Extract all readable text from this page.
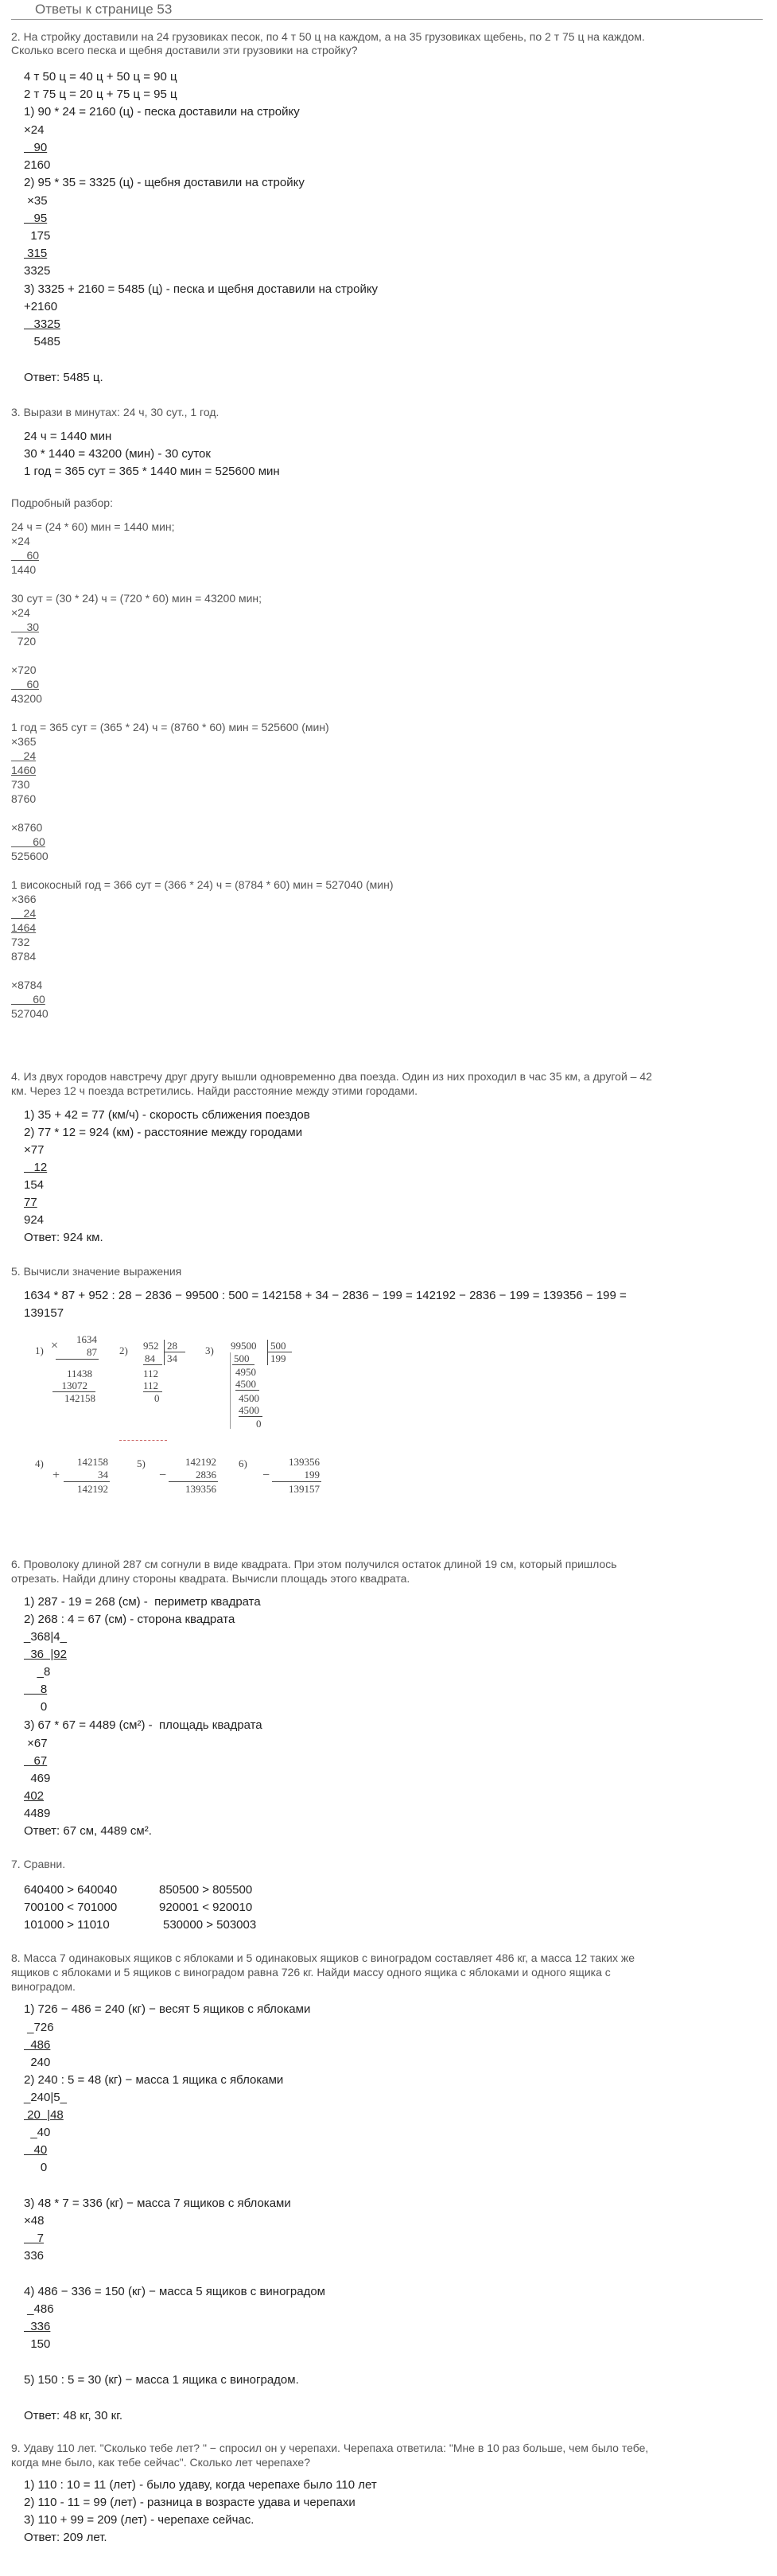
Ответы к странице 53
2. На стройку доставили на 24 грузовиках песок, по 4 т 50 ц на каждом, а на 35 грузовиках щебень, по 2 т 75 ц на каждом.
Сколько всего песка и щебня доставили эти грузовики на стройку?
4 т 50 ц = 40 ц + 50 ц = 90 ц
2 т 75 ц = 20 ц + 75 ц = 95 ц
1) 90 * 24 = 2160 (ц) - песка доставили на стройку
×24
90
2160
2) 95 * 35 = 3325 (ц) - щебня доставили на стройку
×35
95
175
315
3325
3) 3325 + 2160 = 5485 (ц) - песка и щебня доставили на стройку
+2160
3325
5485
Ответ: 5485 ц.
3. Вырази в минутах: 24 ч, 30 сут., 1 год.
24 ч = 1440 мин
30 * 1440 = 43200 (мин) - 30 суток
1 год = 365 сут = 365 * 1440 мин = 525600 мин
Подробный разбор:
24 ч = (24 * 60) мин = 1440 мин;
×24
60
1440
30 сут = (30 * 24) ч = (720 * 60) мин = 43200 мин;
×24
30
720
×720
60
43200
1 год = 365 сут = (365 * 24) ч = (8760 * 60) мин = 525600 (мин)
×365
24
1460
730
8760
×8760
60
525600
1 високосный год = 366 сут = (366 * 24) ч = (8784 * 60) мин = 527040 (мин)
×366
24
1464
732
8784
×8784
60
527040
4. Из двух городов навстречу друг другу вышли одновременно два поезда. Один из них проходил в час 35 км, а другой – 42
км. Через 12 ч поезда встретились. Найди расстояние между этими городами.
1) 35 + 42 = 77 (км/ч) - скорость сближения поездов
2) 77 * 12 = 924 (км) - расстояние между городами
×77
12
154
77
924
Ответ: 924 км.
5. Вычисли значение выражения
1634 * 87 + 952 : 28 − 2836 − 99500 : 500 = 142158 + 34 − 2836 − 199 = 142192 − 2836 − 199 = 139356 − 199 =
139157
1) ×	1634
87
11438
13072
142158
2) 952 28
84 34
112
112
0
3) 99500 500
500 199
4950
4500
4500
4500
0
4)
+
142158
34
142192
5)
−
142192
2836
139356
6)
−
139356
199
139157
6. Проволоку длиной 287 см согнули в виде квадрата. При этом получился остаток длиной 19 см, который пришлось
отрезать. Найди длину стороны квадрата. Вычисли площадь этого квадрата.
1) 287 - 19 = 268 (см) -  периметр квадрата
2) 268 : 4 = 67 (см) - сторона квадрата
_368|4_
36  |92
_8
8
0
3) 67 * 67 = 4489 (см²) -  площадь квадрата
×67
67
469
402
4489
Ответ: 67 см, 4489 см².
7. Сравни.
640400 > 640040	850500 > 805500
700100 < 701000	920001 < 920010
101000 > 11010	530000 > 503003
8. Масса 7 одинаковых ящиков с яблоками и 5 одинаковых ящиков с виноградом составляет 486 кг, а масса 12 таких же
ящиков с яблоками и 5 ящиков с виноградом равна 726 кг. Найди массу одного ящика с яблоками и одного ящика с
виноградом.
1) 726 − 486 = 240 (кг) − весят 5 ящиков с яблоками
_726
486
240
2) 240 : 5 = 48 (кг) − масса 1 ящика с яблоками
_240|5_
20  |48
_40
40
0
3) 48 * 7 = 336 (кг) − масса 7 ящиков с яблоками
×48
7
336
4) 486 − 336 = 150 (кг) − масса 5 ящиков с виноградом
_486
336
150
5) 150 : 5 = 30 (кг) − масса 1 ящика с виноградом.
Ответ: 48 кг, 30 кг.
9. Удаву 110 лет. "Сколько тебе лет? " − спросил он у черепахи. Черепаха ответила: "Мне в 10 раз больше, чем было тебе,
когда мне было, как тебе сейчас". Сколько лет черепахе?
1) 110 : 10 = 11 (лет) - было удаву, когда черепахе было 110 лет
2) 110 - 11 = 99 (лет) - разница в возрасте удава и черепахи
3) 110 + 99 = 209 (лет) - черепахе сейчас.
Ответ: 209 лет.
